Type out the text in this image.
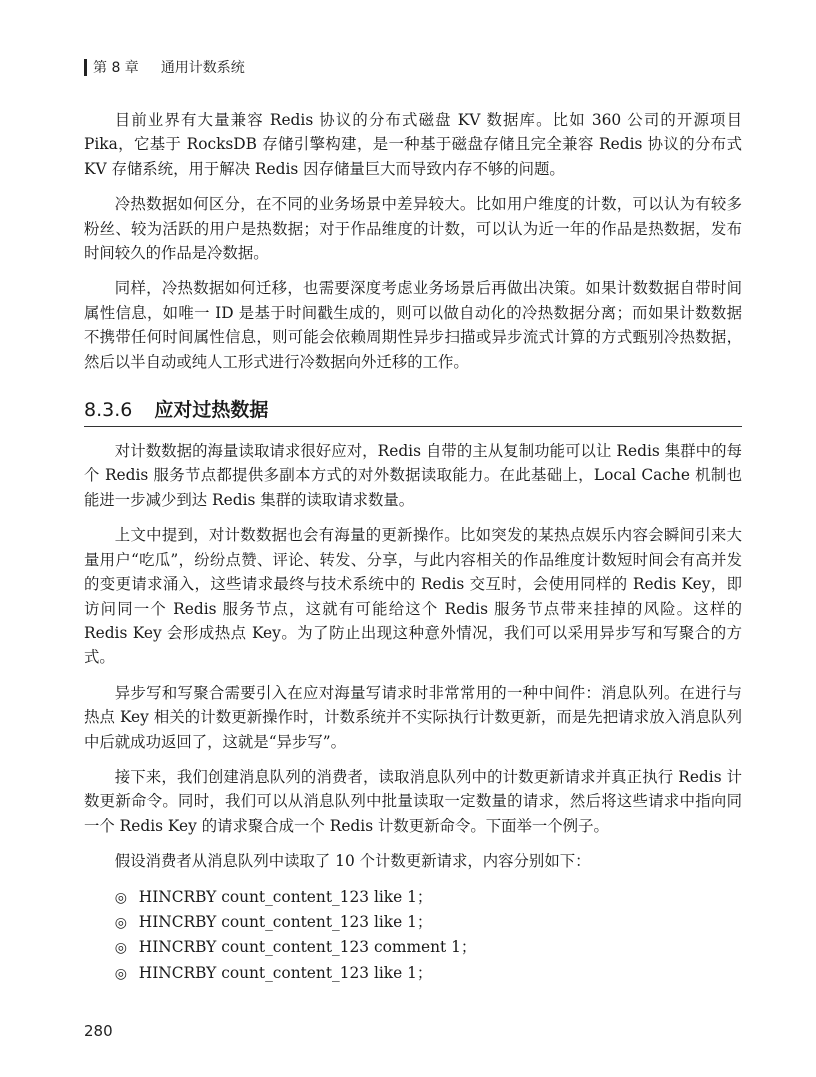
第 8 章 通用计数系统

目前业界有大量兼容 Redis 协议的分布式磁盘 KV 数据库。比如 360 公司的开源项目 Pika，它基于 RocksDB 存储引擎构建，是一种基于磁盘存储且完全兼容 Redis 协议的分布式 KV 存储系统，用于解决 Redis 因存储量巨大而导致内存不够的问题。

冷热数据如何区分，在不同的业务场景中差异较大。比如用户维度的计数，可以认为有较多粉丝、较为活跃的用户是热数据；对于作品维度的计数，可以认为近一年的作品是热数据，发布时间较久的作品是冷数据。

同样，冷热数据如何迁移，也需要深度考虑业务场景后再做出决策。如果计数数据自带时间属性信息，如唯一 ID 是基于时间戳生成的，则可以做自动化的冷热数据分离；而如果计数数据不携带任何时间属性信息，则可能会依赖周期性异步扫描或异步流式计算的方式甄别冷热数据，然后以半自动或纯人工形式进行冷数据向外迁移的工作。

8.3.6 应对过热数据

对计数数据的海量读取请求很好应对，Redis 自带的主从复制功能可以让 Redis 集群中的每个 Redis 服务节点都提供多副本方式的对外数据读取能力。在此基础上，Local Cache 机制也能进一步减少到达 Redis 集群的读取请求数量。

上文中提到，对计数数据也会有海量的更新操作。比如突发的某热点娱乐内容会瞬间引来大量用户“吃瓜”，纷纷点赞、评论、转发、分享，与此内容相关的作品维度计数短时间会有高并发的变更请求涌入，这些请求最终与技术系统中的 Redis 交互时，会使用同样的 Redis Key，即访问同一个 Redis 服务节点，这就有可能给这个 Redis 服务节点带来挂掉的风险。这样的 Redis Key 会形成热点 Key。为了防止出现这种意外情况，我们可以采用异步写和写聚合的方式。

异步写和写聚合需要引入在应对海量写请求时非常常用的一种中间件：消息队列。在进行与热点 Key 相关的计数更新操作时，计数系统并不实际执行计数更新，而是先把请求放入消息队列中后就成功返回了，这就是“异步写”。

接下来，我们创建消息队列的消费者，读取消息队列中的计数更新请求并真正执行 Redis 计数更新命令。同时，我们可以从消息队列中批量读取一定数量的请求，然后将这些请求中指向同一个 Redis Key 的请求聚合成一个 Redis 计数更新命令。下面举一个例子。

假设消费者从消息队列中读取了 10 个计数更新请求，内容分别如下：

◎ HINCRBY count_content_123 like 1；
◎ HINCRBY count_content_123 like 1；
◎ HINCRBY count_content_123 comment 1；
◎ HINCRBY count_content_123 like 1；
280
